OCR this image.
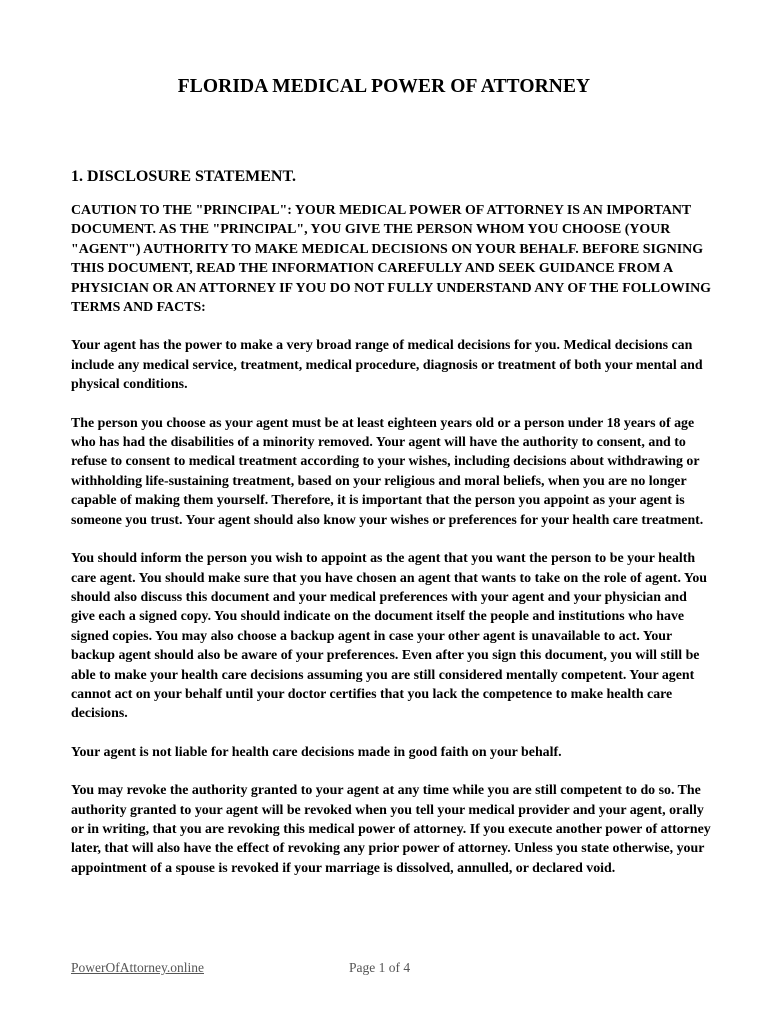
FLORIDA MEDICAL POWER OF ATTORNEY
1. DISCLOSURE STATEMENT.

CAUTION TO THE "PRINCIPAL": YOUR MEDICAL POWER OF ATTORNEY IS AN IMPORTANT DOCUMENT. AS THE "PRINCIPAL", YOU GIVE THE PERSON WHOM YOU CHOOSE (YOUR "AGENT") AUTHORITY TO MAKE MEDICAL DECISIONS ON YOUR BEHALF. BEFORE SIGNING THIS DOCUMENT, READ THE INFORMATION CAREFULLY AND SEEK GUIDANCE FROM A PHYSICIAN OR AN ATTORNEY IF YOU DO NOT FULLY UNDERSTAND ANY OF THE FOLLOWING TERMS AND FACTS:

Your agent has the power to make a very broad range of medical decisions for you. Medical decisions can include any medical service, treatment, medical procedure, diagnosis or treatment of both your mental and physical conditions.

The person you choose as your agent must be at least eighteen years old or a person under 18 years of age who has had the disabilities of a minority removed. Your agent will have the authority to consent, and to refuse to consent to medical treatment according to your wishes, including decisions about withdrawing or withholding life-sustaining treatment, based on your religious and moral beliefs, when you are no longer capable of making them yourself. Therefore, it is important that the person you appoint as your agent is someone you trust. Your agent should also know your wishes or preferences for your health care treatment.

You should inform the person you wish to appoint as the agent that you want the person to be your health care agent. You should make sure that you have chosen an agent that wants to take on the role of agent. You should also discuss this document and your medical preferences with your agent and your physician and give each a signed copy. You should indicate on the document itself the people and institutions who have signed copies. You may also choose a backup agent in case your other agent is unavailable to act. Your backup agent should also be aware of your preferences. Even after you sign this document, you will still be able to make your health care decisions assuming you are still considered mentally competent. Your agent cannot act on your behalf until your doctor certifies that you lack the competence to make health care decisions.

Your agent is not liable for health care decisions made in good faith on your behalf.

You may revoke the authority granted to your agent at any time while you are still competent to do so. The authority granted to your agent will be revoked when you tell your medical provider and your agent, orally or in writing, that you are revoking this medical power of attorney. If you execute another power of attorney later, that will also have the effect of revoking any prior power of attorney. Unless you state otherwise, your appointment of a spouse is revoked if your marriage is dissolved, annulled, or declared void.

PowerOfAttorney.online	Page 1 of 4
